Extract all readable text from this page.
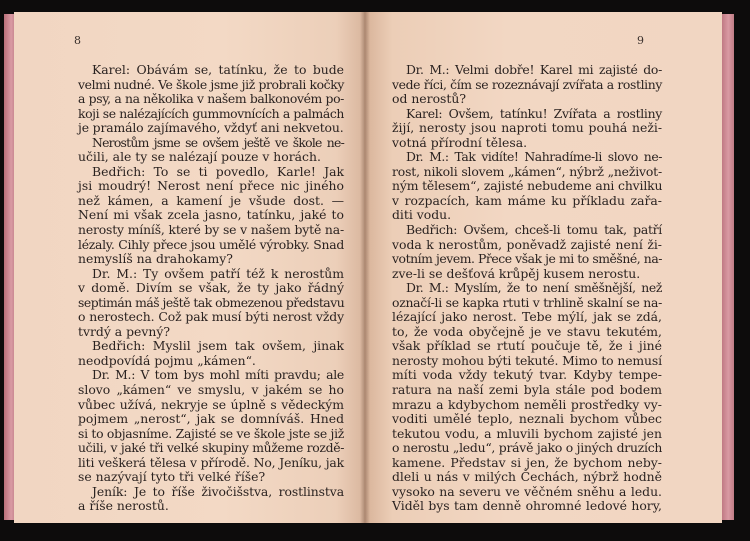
8
Karel: Obávám se, tatínku, že to bude
velmi nudné. Ve škole jsme již probrali kočky
a psy, a na několika v našem balkonovém po-
koji se nalézajících gummovnících a palmách
je pramálo zajímavého, vždyť ani nekvetou.
Nerostům jsme se ovšem ještě ve škole ne-
učili, ale ty se nalézají pouze v horách.
Bedřich: To se ti povedlo, Karle! Jak
jsi moudrý! Nerost není přece nic jiného
než kámen, a kamení je všude dost. —
Není mi však zcela jasno, tatínku, jaké to
nerosty míníš, které by se v našem bytě na-
lézaly. Cihly přece jsou umělé výrobky. Snad
nemyslíš na drahokamy?
Dr. M.: Ty ovšem patří též k nerostům
v domě. Divím se však, že ty jako řádný
septimán máš ještě tak obmezenou představu
o nerostech. Což pak musí býti nerost vždy
tvrdý a pevný?
Bedřich: Myslil jsem tak ovšem, jinak
neodpovídá pojmu „kámen“.
Dr. M.: V tom bys mohl míti pravdu; ale
slovo „kámen“ ve smyslu, v jakém se ho
vůbec užívá, nekryje se úplně s vědeckým
pojmem „nerost“, jak se domníváš. Hned
si to objasníme. Zajisté se ve škole jste se již
učili, v jaké tři velké skupiny můžeme rozdě-
liti veškerá tělesa v přírodě. No, Jeníku, jak
se nazývají tyto tři velké říše?
Jeník: Je to říše živočišstva, rostlinstva
a říše nerostů.
9
Dr. M.: Velmi dobře! Karel mi zajisté do-
vede říci, čím se rozeznávají zvířata a rostliny
od nerostů?
Karel: Ovšem, tatínku! Zvířata a rostliny
žijí, nerosty jsou naproti tomu pouhá neži-
votná přírodní tělesa.
Dr. M.: Tak vidíte! Nahradíme-li slovo ne-
rost, nikoli slovem „kámen“, nýbrž „neživot-
ným tělesem“, zajisté nebudeme ani chvilku
v rozpacích, kam máme ku příkladu zařa-
diti vodu.
Bedřich: Ovšem, chceš-li tomu tak, patří
voda k nerostům, poněvadž zajisté není ži-
votním jevem. Přece však je mi to směšné, na-
zve-li se dešťová krůpěj kusem nerostu.
Dr. M.: Myslím, že to není směšnější, než
označí-li se kapka rtuti v trhlině skalní se na-
lézající jako nerost. Tebe mýlí, jak se zdá,
to, že voda obyčejně je ve stavu tekutém,
však příklad se rtutí poučuje tě, že i jiné
nerosty mohou býti tekuté. Mimo to nemusí
míti voda vždy tekutý tvar. Kdyby tempe-
ratura na naší zemi byla stále pod bodem
mrazu a kdybychom neměli prostředky vy-
voditi umělé teplo, neznali bychom vůbec
tekutou vodu, a mluvili bychom zajisté jen
o nerostu „ledu“, právě jako o jiných druzích
kamene. Představ si jen, že bychom neby-
dleli u nás v milých Čechách, nýbrž hodně
vysoko na severu ve věčném sněhu a ledu.
Viděl bys tam denně ohromné ledové hory,
